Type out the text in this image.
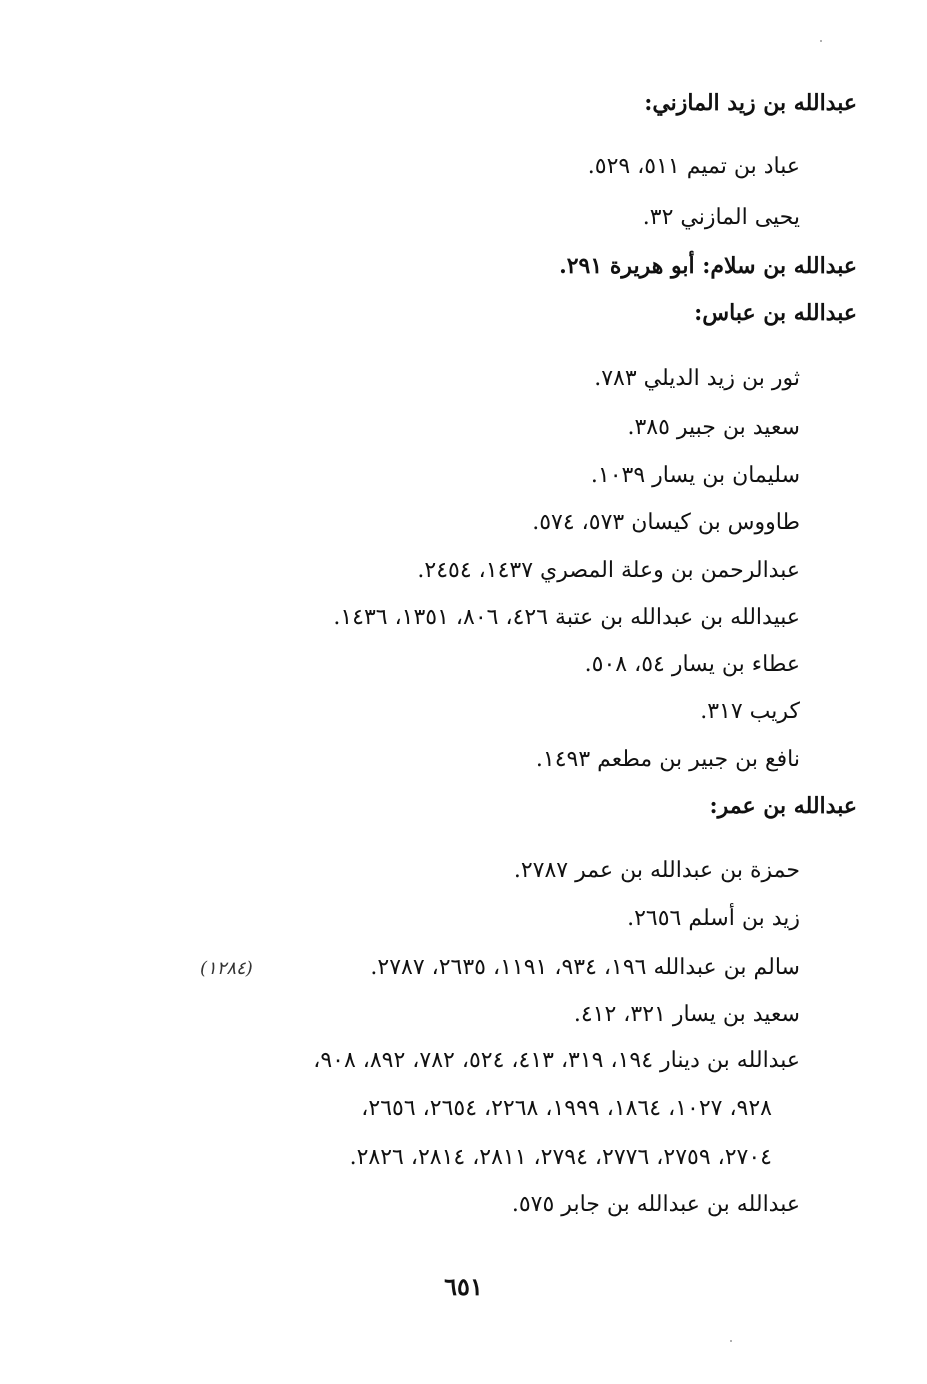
عبدالله بن زيد المازني:
عباد بن تميم ٥١١، ٥٢٩.
يحيى المازني ٣٢.
عبدالله بن سلام: أبو هريرة ٢٩١.
عبدالله بن عباس:
ثور بن زيد الديلي ٧٨٣.
سعيد بن جبير ٣٨٥.
سليمان بن يسار ١٠٣٩.
طاووس بن كيسان ٥٧٣، ٥٧٤.
عبدالرحمن بن وعلة المصري ١٤٣٧، ٢٤٥٤.
عبيدالله بن عبدالله بن عتبة ٤٢٦، ٨٠٦، ١٣٥١، ١٤٣٦.
عطاء بن يسار ٥٤، ٥٠٨.
كريب ٣١٧.
نافع بن جبير بن مطعم ١٤٩٣.
عبدالله بن عمر:
حمزة بن عبدالله بن عمر ٢٧٨٧.
زيد بن أسلم ٢٦٥٦.
سالم بن عبدالله ١٩٦، ٩٣٤، ١١٩١، ٢٦٣٥، ٢٧٨٧.
(١٢٨٤)
سعيد بن يسار ٣٢١، ٤١٢.
عبدالله بن دينار ١٩٤، ٣١٩، ٤١٣، ٥٢٤، ٧٨٢، ٨٩٢، ٩٠٨،
٩٢٨، ١٠٢٧، ١٨٦٤، ١٩٩٩، ٢٢٦٨، ٢٦٥٤، ٢٦٥٦،
٢٧٠٤، ٢٧٥٩، ٢٧٧٦، ٢٧٩٤، ٢٨١١، ٢٨١٤، ٢٨٢٦.
عبدالله بن عبدالله بن جابر ٥٧٥.
٦٥١
